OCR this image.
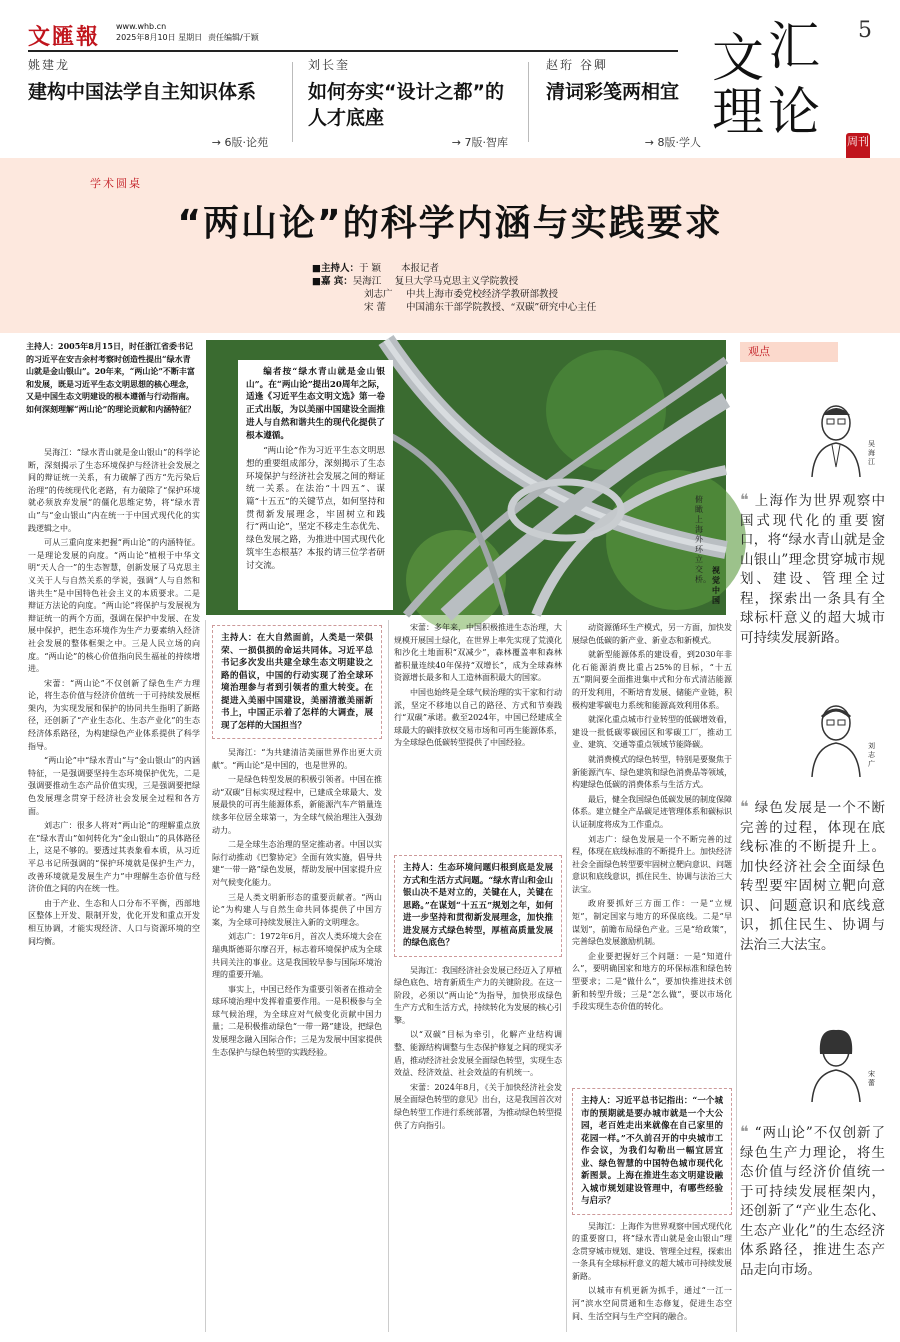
文匯報 www.whb.cn
2025年8月10日 星期日 责任编辑/于颖	5
姚建龙
建构中国法学自主知识体系
→ 6版·论苑
刘长奎
如何夯实“设计之都”的人才底座
→ 7版·智库
赵珩 谷卿
清词彩笺两相宜
→ 8版·学人
文 汇
理 论 周刊
学术圆桌
“两山论”的科学内涵与实践要求
■主持人：于 颖 本报记者
■嘉 宾：吴海江 复旦大学马克思主义学院教授
刘志广 中共上海市委党校经济学教研部教授
宋 蕾 中国浦东干部学院教授、“双碳”研究中心主任

编者按“绿水青山就是金山银山”。在“两山论”提出20周年之际，适逢《习近平生态文明文选》第一卷正式出版，为以美丽中国建设全面推进人与自然和谐共生的现代化提供了根本遵循。

“两山论”作为习近平生态文明思想的重要组成部分，深刻揭示了生态环境保护与经济社会发展之间的辩证统一关系。在法治“十四五”、谋篇“十五五”的关键节点，如何坚持和贯彻新发展理念，牢固树立和践行“两山论”，坚定不移走生态优先、绿色发展之路，为推进中国式现代化筑牢生态根基？本报约请三位学者研讨交流。

俯瞰上海外环立交桥。
视觉中国
主持人：2005年8月15日，时任浙江省委书记的习近平在安吉余村考察时创造性提出“绿水青山就是金山银山”。20年来，“两山论”不断丰富和发展，既是习近平生态文明思想的核心理念，又是中国生态文明建设的根本遵循与行动指南。如何深刻理解“两山论”的理论贡献和内涵特征？

吴海江：“绿水青山就是金山银山”的科学论断，深刻揭示了生态环境保护与经济社会发展之间的辩证统一关系，有力破解了西方“先污染后治理”的传统现代化老路，有力破除了“保护环境就必须放弃发展”的僵化思维定势，将“绿水青山”与“金山银山”内在统一于中国式现代化的实践逻辑之中。

可从三重向度来把握“两山论”的内涵特征。一是理论发展的向度。“两山论”植根于中华文明“天人合一”的生态智慧，创新发展了马克思主义关于人与自然关系的学说，强调“人与自然和谐共生”是中国特色社会主义的本质要求。二是辩证方法论的向度。“两山论”将保护与发展视为辩证统一的两个方面，强调在保护中发展、在发展中保护，把生态环境作为生产力要素纳入经济社会发展的整体框架之中。三是人民立场的向度。“两山论”的核心价值指向民生福祉的持续增进。

宋蕾：“两山论”不仅创新了绿色生产力理论，将生态价值与经济价值统一于可持续发展框架内，为实现发展和保护的协同共生指明了新路径，还创新了“产业生态化、生态产业化”的生态经济体系路径，为构建绿色产业体系提供了科学指导。

“两山论”中“绿水青山”与“金山银山”的内涵特征，一是强调要坚持生态环境保护优先，二是强调要推动生态产品价值实现，三是强调要把绿色发展理念贯穿于经济社会发展全过程和各方面。

刘志广：很多人将对“两山论”的理解重点放在“绿水青山”如何转化为“金山银山”的具体路径上，这是不够的。要透过其表象看本质，从习近平总书记所强调的“保护环境就是保护生产力，改善环境就是发展生产力”中理解生态价值与经济价值之间的内在统一性。

由于产业、生态和人口分布不平衡，西部地区整体上开发、限制开发，优化开发和重点开发相互协调，才能实现经济、人口与资源环境的空间均衡。

主持人：在大自然面前，人类是一荣俱荣、一损俱损的命运共同体。习近平总书记多次发出共建全球生态文明建设之路的倡议，中国的行动实现了治全球环境治理参与者到引领者的重大转变。在提进入美丽中国建设，美丽清澈美丽新书上，中国正示着了怎样的大调查，展现了怎样的大国担当？

吴海江：“为共建清洁美丽世界作出更大贡献”。“两山论”是中国的，也是世界的。

一是绿色转型发展的积极引领者。中国在推动“双碳”目标实现过程中，已建成全球最大、发展最快的可再生能源体系，新能源汽车产销量连续多年位居全球第一，为全球气候治理注入强劲动力。

二是全球生态治理的坚定推动者。中国以实际行动推动《巴黎协定》全面有效实施，倡导共建“一带一路”绿色发展，帮助发展中国家提升应对气候变化能力。

三是人类文明新形态的重要贡献者。“两山论”为构建人与自然生命共同体提供了中国方案，为全球可持续发展注入新的文明理念。

刘志广：1972年6月，首次人类环境大会在瑞典斯德哥尔摩召开，标志着环境保护成为全球共同关注的事业。这是我国较早参与国际环境治理的重要开端。

事实上，中国已经作为重要引领者在推动全球环境治理中发挥着重要作用。一是积极参与全球气候治理，为全球应对气候变化贡献中国力量；二是积极推动绿色“一带一路”建设，把绿色发展理念融入国际合作；三是为发展中国家提供生态保护与绿色转型的实践经验。

宋蕾：多年来，中国积极推进生态治理，大规模开展国土绿化，在世界上率先实现了荒漠化和沙化土地面积“双减少”，森林覆盖率和森林蓄积量连续40年保持“双增长”，成为全球森林资源增长最多和人工造林面积最大的国家。

中国也始终是全球气候治理的实干家和行动派，坚定不移地以自己的路径、方式和节奏践行“双碳”承诺。截至2024年，中国已经建成全球最大的碳排放权交易市场和可再生能源体系，为全球绿色低碳转型提供了中国经验。

主持人：生态环境问题归根到底是发展方式和生活方式问题。“绿水青山和金山银山决不是对立的，关键在人，关键在思路。”在谋划“十五五”规划之年，如何进一步坚持和贯彻新发展理念，加快推进发展方式绿色转型，厚植高质量发展的绿色底色？

吴海江：我国经济社会发展已经迈入了厚植绿色底色、培育新质生产力的关键阶段。在这一阶段，必须以“两山论”为指导，加快形成绿色生产方式和生活方式，持续转化为发展的核心引擎。

以“双碳”目标为牵引，化解产业结构调整、能源结构调整与生态保护修复之间的现实矛盾，推动经济社会发展全面绿色转型，实现生态效益、经济效益、社会效益的有机统一。

宋蕾：2024年8月，《关于加快经济社会发展全面绿色转型的意见》出台，这是我国首次对绿色转型工作进行系统部署，为推动绿色转型提供了方向指引。

动资源循环生产模式，另一方面，加快发展绿色低碳的新产业、新业态和新模式。

就新型能源体系的建设看，到2030年非化石能源消费比重占25%的目标，“十五五”期间要全面推进集中式和分布式清洁能源的开发利用，不断培育发展、储能产业链，积极构建零碳电力系统和能源高效利用体系。

就深化重点城市行业转型的低碳增效看，建设一批低碳零碳园区和零碳工厂，推动工业、建筑、交通等重点领域节能降碳。

就消费模式的绿色转型，特别是要聚焦于新能源汽车、绿色建筑和绿色消费品等领域，构建绿色低碳的消费体系与生活方式。

最后，健全我国绿色低碳发展的制度保障体系。建立健全产品碳足迹管理体系和碳标识认证制度将成为工作重点。

刘志广：绿色发展是一个不断完善的过程，体现在底线标准的不断提升上。加快经济社会全面绿色转型要牢固树立靶向意识、问题意识和底线意识，抓住民生、协调与法治三大法宝。

政府要抓好三方面工作：一是“立规矩”，制定国家与地方的环保底线。二是“早谋划”，前瞻布局绿色产业。三是“给政策”，完善绿色发展激励机制。

企业要把握好三个问题：一是“知道什么”，要明确国家和地方的环保标准和绿色转型要求；二是“做什么”，要加快推进技术创新和转型升级；三是“怎么做”，要以市场化手段实现生态价值的转化。

主持人：习近平总书记指出：“一个城市的预期就是要办城市就是一个大公园，老百姓走出来就像在自己家里的花园一样。”不久前召开的中央城市工作会议，为我们勾勒出一幅宜居宜业、绿色智慧的中国特色城市现代化新图景。上海在推进生态文明建设融入城市规划建设管理中，有哪些经验与启示？

吴海江：上海作为世界观察中国式现代化的重要窗口，将“绿水青山就是金山银山”理念贯穿城市规划、建设、管理全过程，探索出一条具有全球标杆意义的超大城市可持续发展新路。

以城市有机更新为抓手，通过“一江一河”滨水空间贯通和生态修复，促进生态空间、生活空间与生产空间的融合。

观点
吴海江
❝ 上海作为世界观察中国式现代化的重要窗口，将“绿水青山就是金山银山”理念贯穿城市规划、建设、管理全过程，探索出一条具有全球标杆意义的超大城市可持续发展新路。
刘志广
❝ 绿色发展是一个不断完善的过程，体现在底线标准的不断提升上。加快经济社会全面绿色转型要牢固树立靶向意识、问题意识和底线意识，抓住民生、协调与法治三大法宝。
宋蕾
❝ “两山论”不仅创新了绿色生产力理论，将生态价值与经济价值统一于可持续发展框架内，还创新了“产业生态化、生态产业化”的生态经济体系路径，推进生态产品走向市场。
